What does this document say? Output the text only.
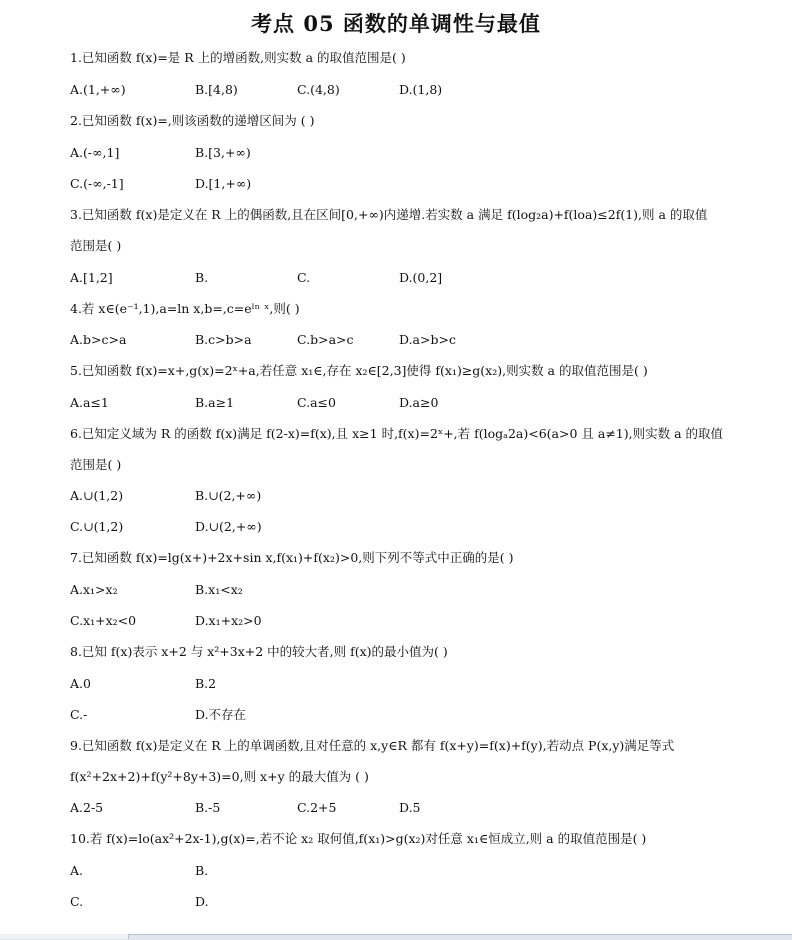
考点 05 函数的单调性与最值
1.已知函数 f(x)=是 R 上的增函数,则实数 a 的取值范围是( )
A.(1,+∞)	B.[4,8)	C.(4,8)	D.(1,8)
2.已知函数 f(x)=,则该函数的递增区间为 ( )
A.(-∞,1]	B.[3,+∞)
C.(-∞,-1]	D.[1,+∞)
3.已知函数 f(x)是定义在 R 上的偶函数,且在区间[0,+∞)内递增.若实数 a 满足 f(log₂a)+f(loa)≤2f(1),则 a 的取值
范围是( )
A.[1,2]	B.	C.	D.(0,2]
4.若 x∈(e⁻¹,1),a=ln x,b=,c=eˡⁿ ˣ,则( )
A.b>c>a	B.c>b>a	C.b>a>c	D.a>b>c
5.已知函数 f(x)=x+,g(x)=2ˣ+a,若任意 x₁∈,存在 x₂∈[2,3]使得 f(x₁)≥g(x₂),则实数 a 的取值范围是( )
A.a≤1	B.a≥1	C.a≤0	D.a≥0
6.已知定义域为 R 的函数 f(x)满足 f(2-x)=f(x),且 x≥1 时,f(x)=2ˣ+,若 f(logₐ2a)<6(a>0 且 a≠1),则实数 a 的取值
范围是( )
A.∪(1,2)	B.∪(2,+∞)
C.∪(1,2)	D.∪(2,+∞)
7.已知函数 f(x)=lg(x+)+2x+sin x,f(x₁)+f(x₂)>0,则下列不等式中正确的是( )
A.x₁>x₂	B.x₁<x₂
C.x₁+x₂<0	D.x₁+x₂>0
8.已知 f(x)表示 x+2 与 x²+3x+2 中的较大者,则 f(x)的最小值为( )
A.0	B.2
C.-	D.不存在
9.已知函数 f(x)是定义在 R 上的单调函数,且对任意的 x,y∈R 都有 f(x+y)=f(x)+f(y),若动点 P(x,y)满足等式
f(x²+2x+2)+f(y²+8y+3)=0,则 x+y 的最大值为 ( )
A.2-5	B.-5	C.2+5	D.5
10.若 f(x)=lo(ax²+2x-1),g(x)=,若不论 x₂ 取何值,f(x₁)>g(x₂)对任意 x₁∈恒成立,则 a 的取值范围是( )
A.	B.
C.	D.
